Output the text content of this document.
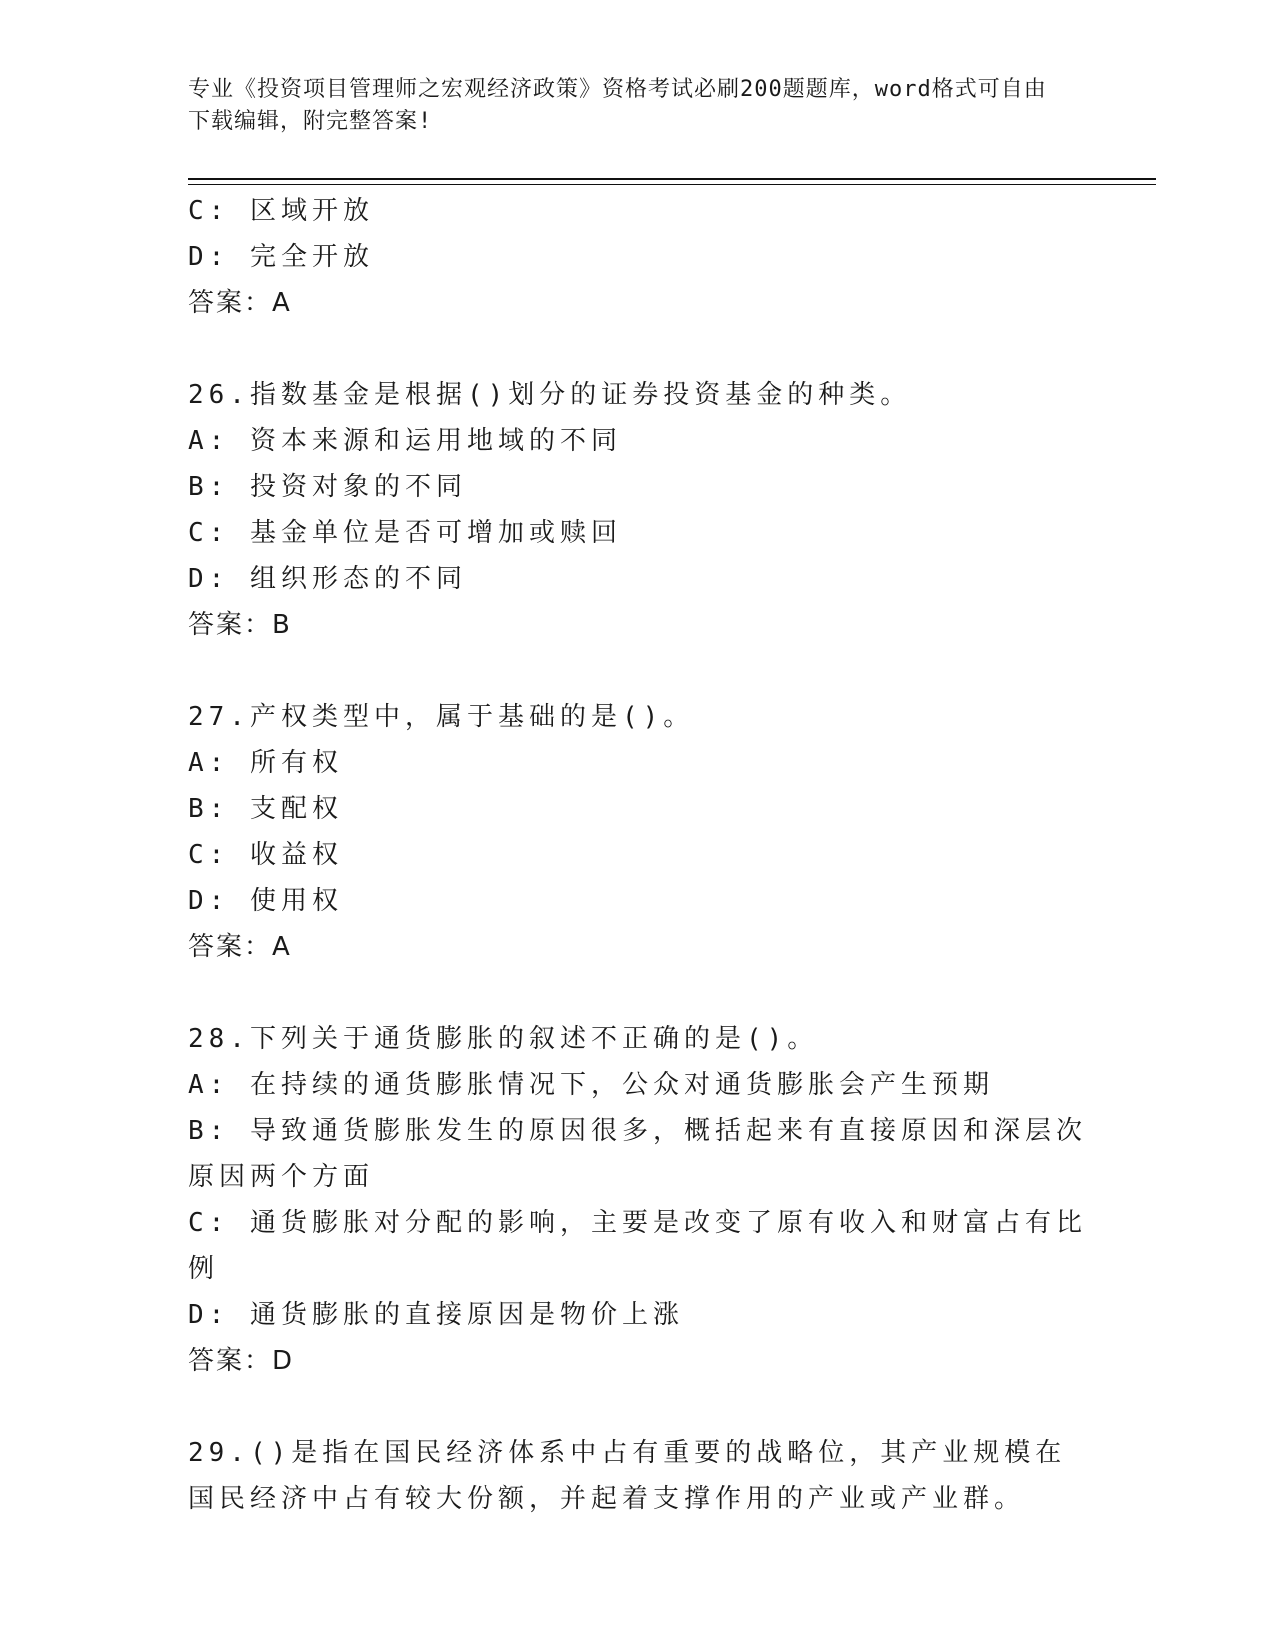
专业《投资项目管理师之宏观经济政策》资格考试必刷200题题库，word格式可自由下载编辑，附完整答案!

C: 区域开放

D: 完全开放

答案：A

26.指数基金是根据()划分的证券投资基金的种类。

A: 资本来源和运用地域的不同

B: 投资对象的不同

C: 基金单位是否可增加或赎回

D: 组织形态的不同

答案：B

27.产权类型中，属于基础的是()。

A: 所有权

B: 支配权

C: 收益权

D: 使用权

答案：A

28.下列关于通货膨胀的叙述不正确的是()。

A: 在持续的通货膨胀情况下，公众对通货膨胀会产生预期

B: 导致通货膨胀发生的原因很多，概括起来有直接原因和深层次原因两个方面

C: 通货膨胀对分配的影响，主要是改变了原有收入和财富占有比例

D: 通货膨胀的直接原因是物价上涨

答案：D

29.()是指在国民经济体系中占有重要的战略位，其产业规模在国民经济中占有较大份额，并起着支撑作用的产业或产业群。
